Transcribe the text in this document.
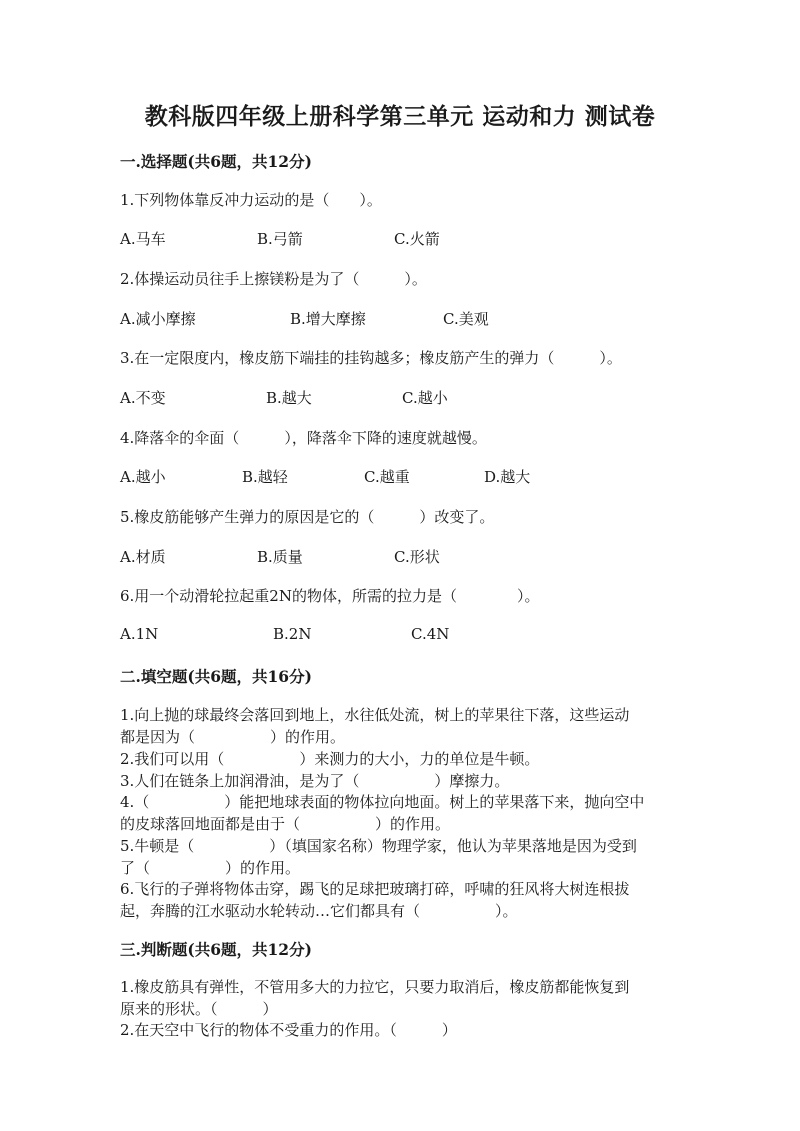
教科版四年级上册科学第三单元 运动和力 测试卷
一.选择题(共6题，共12分)
1.下列物体靠反冲力运动的是（　　）。
A.马车	B.弓箭	C.火箭
2.体操运动员往手上擦镁粉是为了（　　　）。
A.减小摩擦	B.增大摩擦	C.美观
3.在一定限度内，橡皮筋下端挂的挂钩越多；橡皮筋产生的弹力（　　　）。
A.不变	B.越大	C.越小
4.降落伞的伞面（　　　），降落伞下降的速度就越慢。
A.越小	B.越轻	C.越重	D.越大
5.橡皮筋能够产生弹力的原因是它的（　　　）改变了。
A.材质	B.质量	C.形状
6.用一个动滑轮拉起重2N的物体，所需的拉力是（　　　　）。
A.1N	B.2N	C.4N
二.填空题(共6题，共16分)
1.向上抛的球最终会落回到地上，水往低处流，树上的苹果往下落，这些运动
都是因为（　　　　　）的作用。
2.我们可以用（　　　　　）来测力的大小，力的单位是牛顿。
3.人们在链条上加润滑油，是为了（　　　　　）摩擦力。
4.（　　　　　）能把地球表面的物体拉向地面。树上的苹果落下来，抛向空中
的皮球落回地面都是由于（　　　　　）的作用。
5.牛顿是（　　　　　）（填国家名称）物理学家，他认为苹果落地是因为受到
了（　　　　　）的作用。
6.飞行的子弹将物体击穿，踢飞的足球把玻璃打碎，呼啸的狂风将大树连根拔
起，奔腾的江水驱动水轮转动…它们都具有（　　　　　）。
三.判断题(共6题，共12分)
1.橡皮筋具有弹性，不管用多大的力拉它，只要力取消后，橡皮筋都能恢复到
原来的形状。（　　　）
2.在天空中飞行的物体不受重力的作用。（　　　）
